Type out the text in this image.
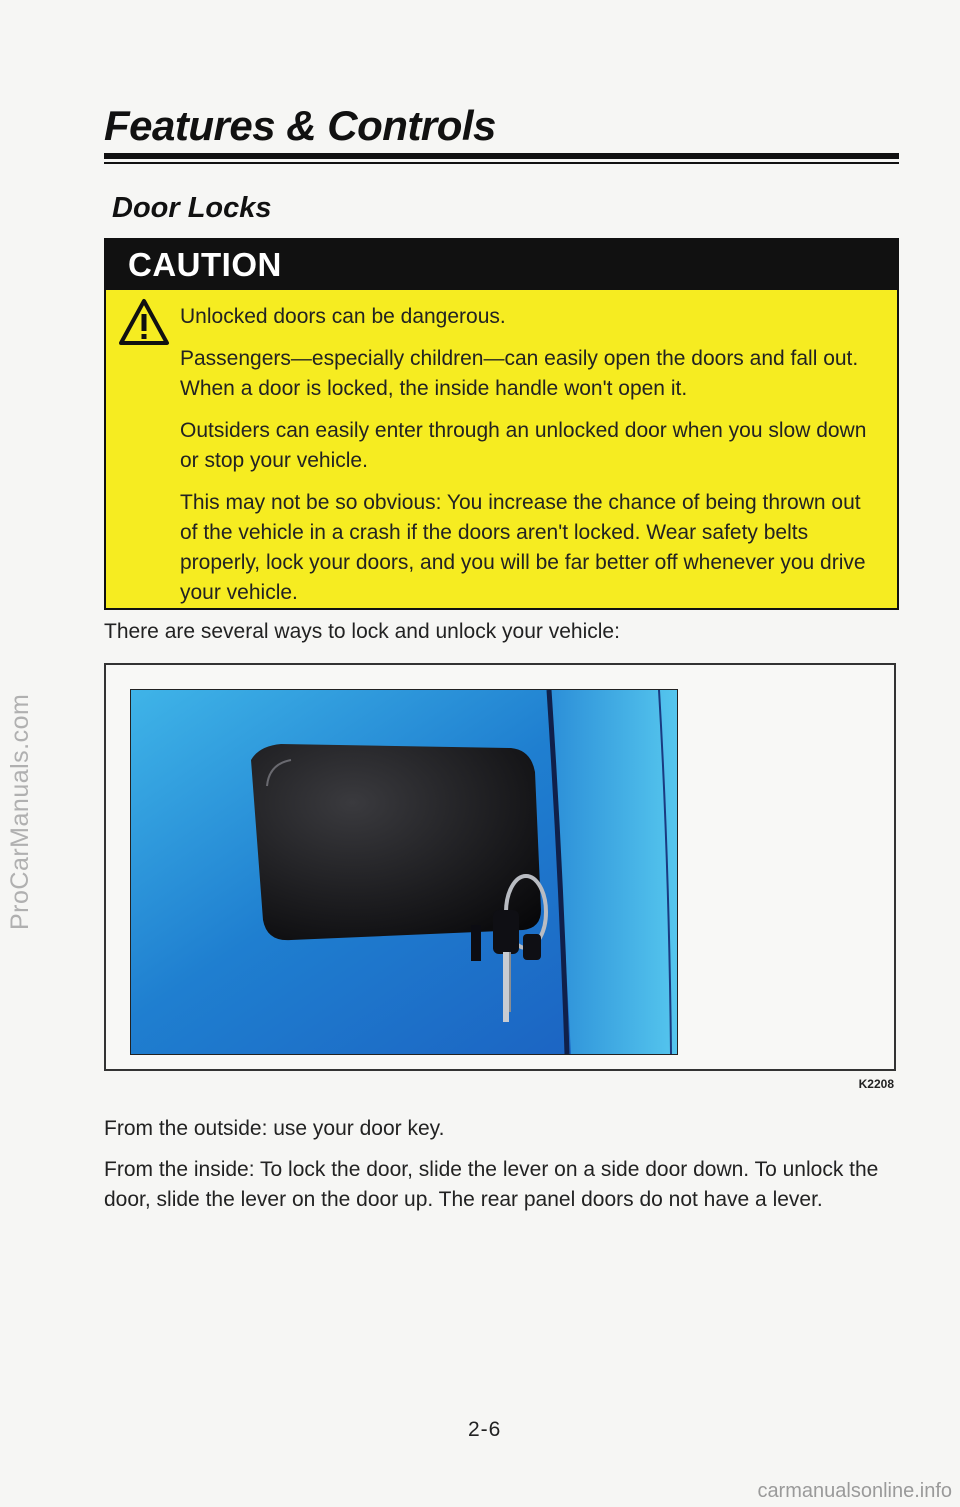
ProCarManuals.com
Features & Controls
Door Locks
CAUTION

Unlocked doors can be dangerous.

Passengers—especially children—can easily open the doors and fall out. When a door is locked, the inside handle won't open it.

Outsiders can easily enter through an unlocked door when you slow down or stop your vehicle.

This may not be so obvious: You increase the chance of being thrown out of the vehicle in a crash if the doors aren't locked. Wear safety belts properly, lock your doors, and you will be far better off whenever you drive your vehicle.

There are several ways to lock and unlock your vehicle:
K2208
From the outside: use your door key.
From the inside: To lock the door, slide the lever on a side door down. To unlock the door, slide the lever on the door up. The rear panel doors do not have a lever.
2-6
carmanualsonline.info
